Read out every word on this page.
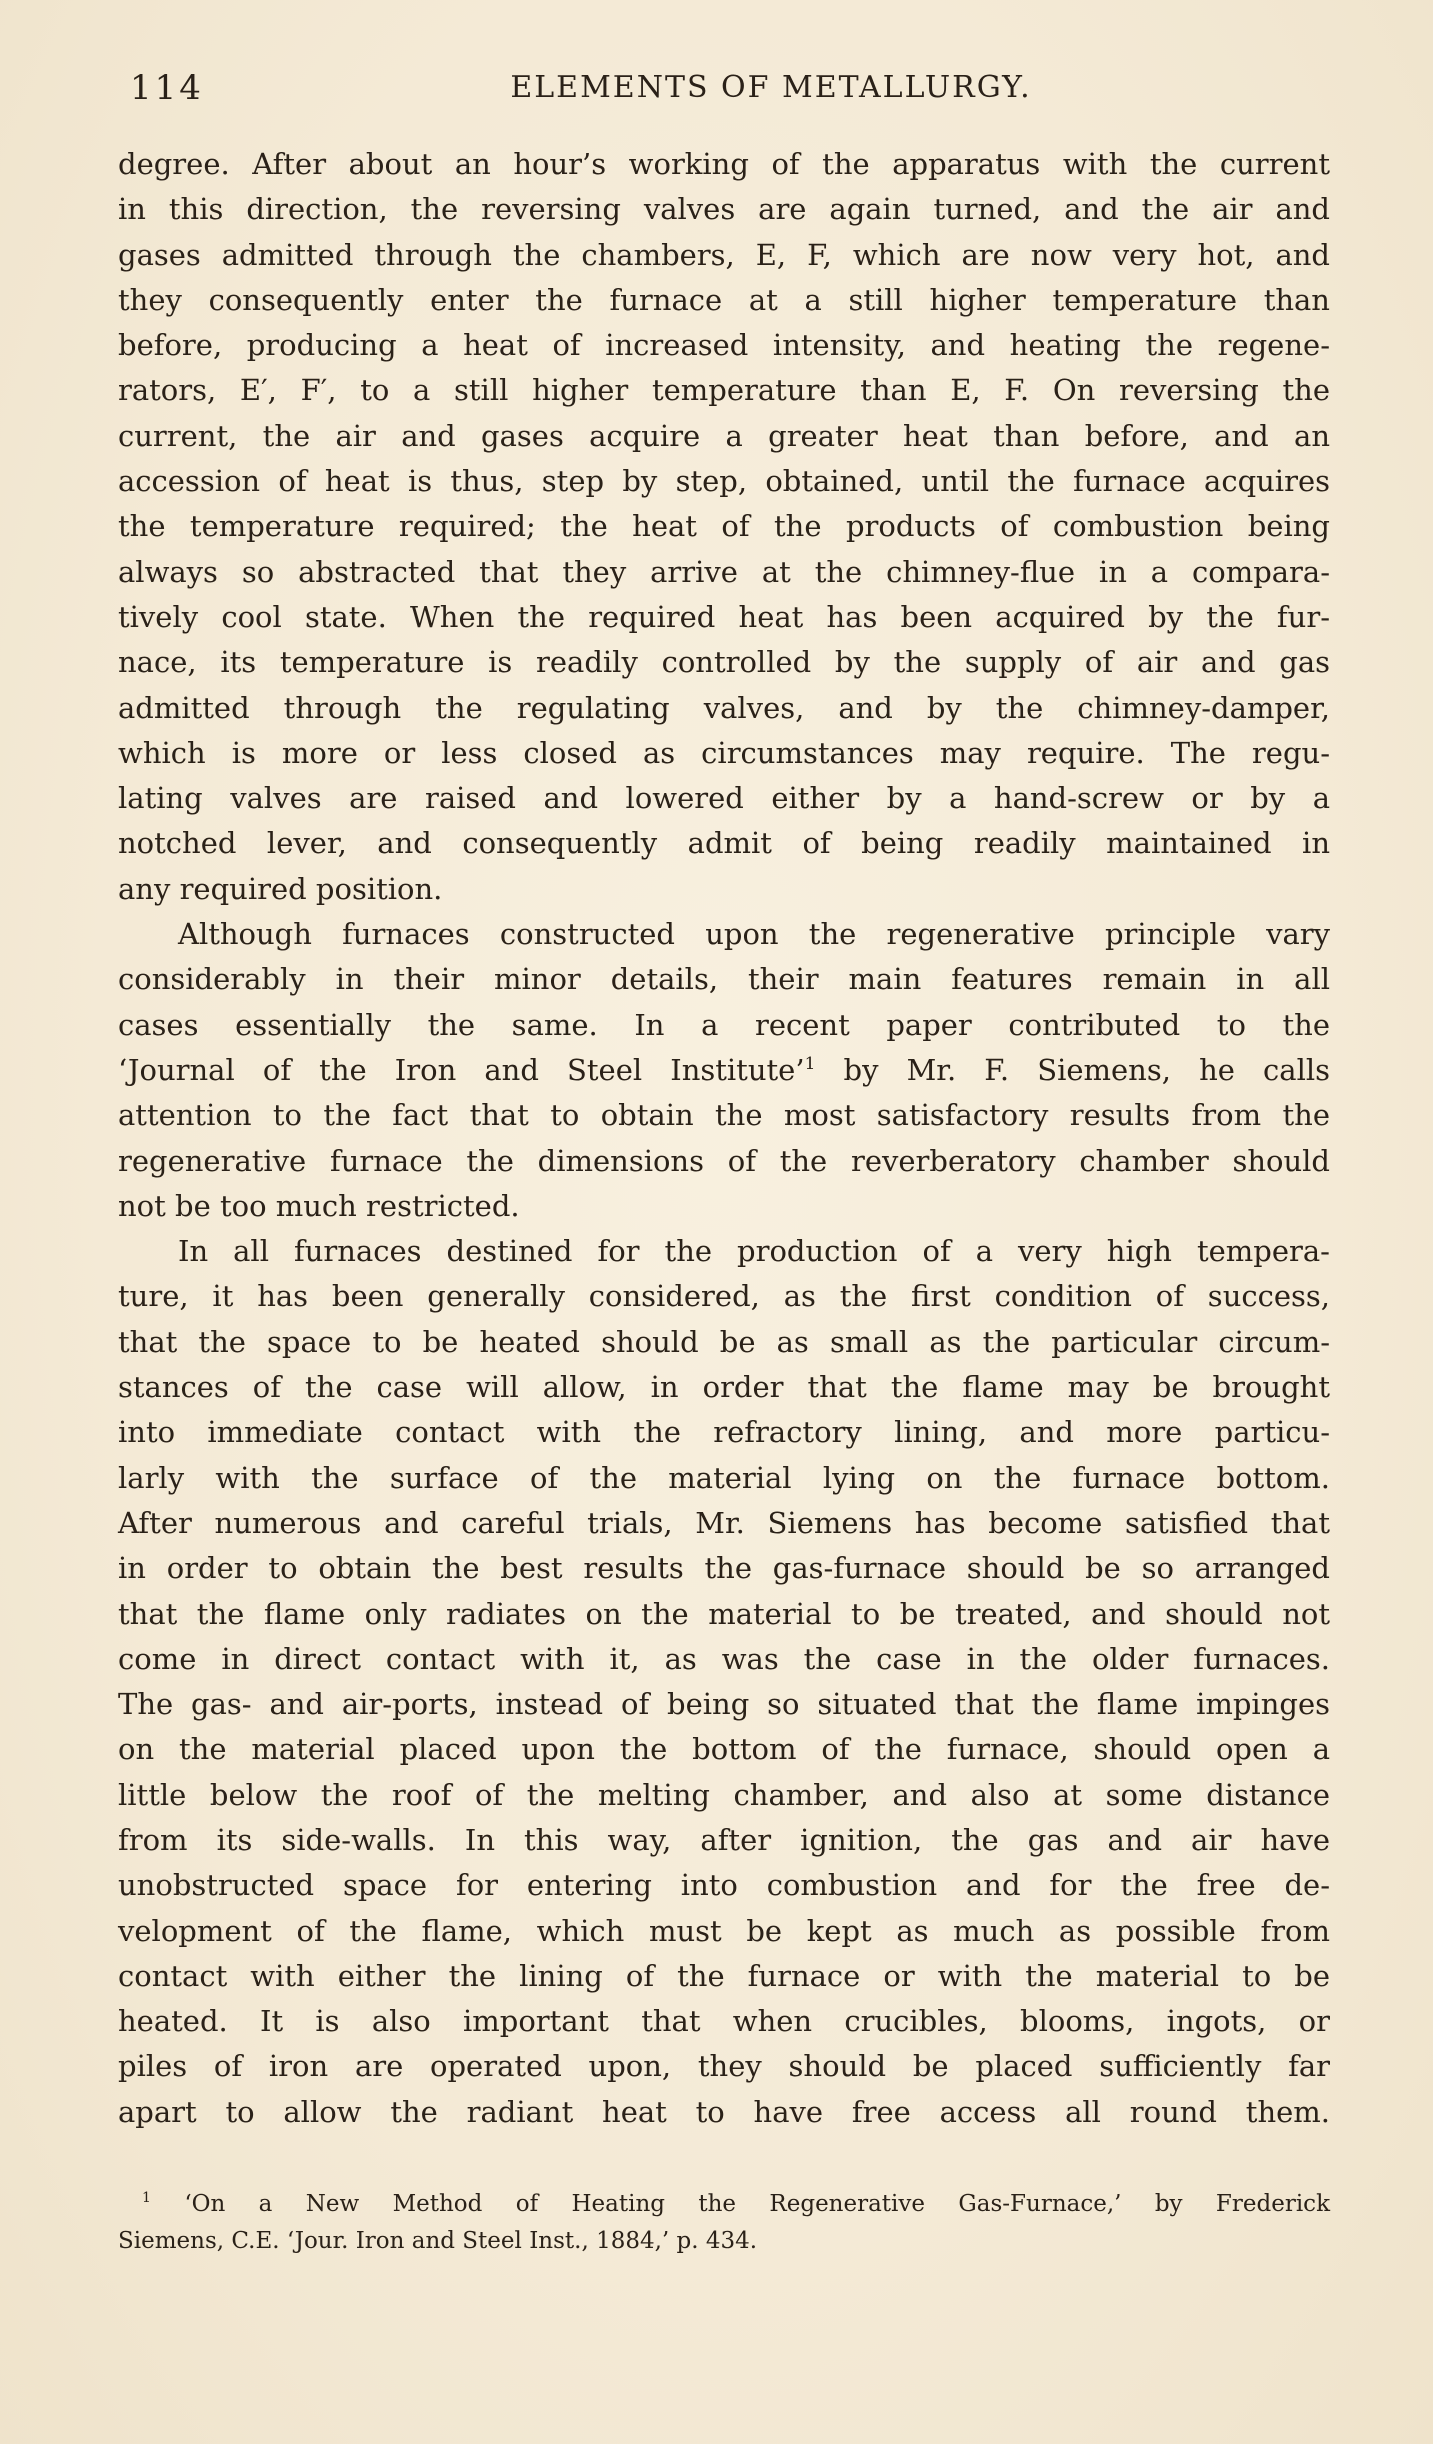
114	ELEMENTS OF METALLURGY.
degree. After about an hour’s working of the apparatus with the current
in this direction, the reversing valves are again turned, and the air and
gases admitted through the chambers, E, F, which are now very hot, and
they consequently enter the furnace at a still higher temperature than
before, producing a heat of increased intensity, and heating the regene-
rators, E′, F′, to a still higher temperature than E, F. On reversing the
current, the air and gases acquire a greater heat than before, and an
accession of heat is thus, step by step, obtained, until the furnace acquires
the temperature required; the heat of the products of combustion being
always so abstracted that they arrive at the chimney-flue in a compara-
tively cool state. When the required heat has been acquired by the fur-
nace, its temperature is readily controlled by the supply of air and gas
admitted through the regulating valves, and by the chimney-damper,
which is more or less closed as circumstances may require. The regu-
lating valves are raised and lowered either by a hand-screw or by a
notched lever, and consequently admit of being readily maintained in
any required position.
Although furnaces constructed upon the regenerative principle vary
considerably in their minor details, their main features remain in all
cases essentially the same. In a recent paper contributed to the
‘Journal of the Iron and Steel Institute’$^1$ by Mr. F. Siemens, he calls
attention to the fact that to obtain the most satisfactory results from the
regenerative furnace the dimensions of the reverberatory chamber should
not be too much restricted.
In all furnaces destined for the production of a very high tempera-
ture, it has been generally considered, as the first condition of success,
that the space to be heated should be as small as the particular circum-
stances of the case will allow, in order that the flame may be brought
into immediate contact with the refractory lining, and more particu-
larly with the surface of the material lying on the furnace bottom.
After numerous and careful trials, Mr. Siemens has become satisfied that
in order to obtain the best results the gas-furnace should be so arranged
that the flame only radiates on the material to be treated, and should not
come in direct contact with it, as was the case in the older furnaces.
The gas- and air-ports, instead of being so situated that the flame impinges
on the material placed upon the bottom of the furnace, should open a
little below the roof of the melting chamber, and also at some distance
from its side-walls. In this way, after ignition, the gas and air have
unobstructed space for entering into combustion and for the free de-
velopment of the flame, which must be kept as much as possible from
contact with either the lining of the furnace or with the material to be
heated. It is also important that when crucibles, blooms, ingots, or
piles of iron are operated upon, they should be placed sufficiently far
apart to allow the radiant heat to have free access all round them.
$^1$ ‘On a New Method of Heating the Regenerative Gas-Furnace,’ by Frederick
Siemens, C.E. ‘Jour. Iron and Steel Inst., 1884,’ p. 434.
